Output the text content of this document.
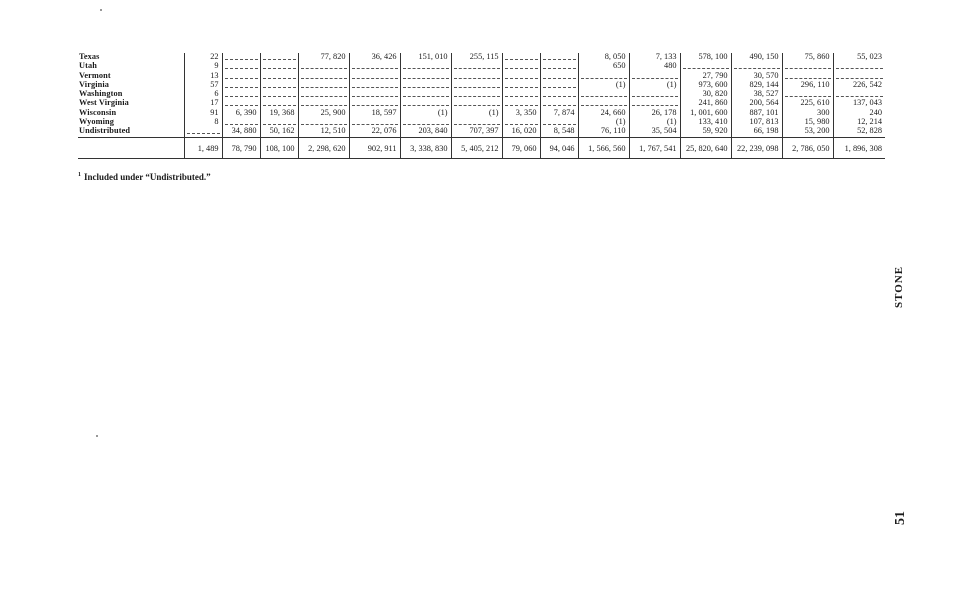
Texas	22			77, 820	36, 426	151, 010	255, 115			8, 050	7, 133	578, 100	490, 150	75, 860	55, 023
Utah	9									650	480	

Vermont	13											27, 790	30, 570	

Virginia	57									(1)	(1)	973, 600	829, 144	296, 110	226, 542
Washington	6											30, 820	38, 527	

West Virginia	17											241, 860	200, 564	225, 610	137, 043
Wisconsin	91	6, 390	19, 368	25, 900	18, 597	(1)	(1)	3, 350	7, 874	24, 660	26, 178	1, 001, 600	887, 101	300	240
Wyoming	8									(1)	(1)	133, 410	107, 813	15, 980	12, 214
Undistributed		34, 880	50, 162	12, 510	22, 076	203, 840	707, 397	16, 020	8, 548	76, 110	35, 504	59, 920	66, 198	53, 200	52, 828
	1, 489	78, 790	108, 100	2, 298, 620	902, 911	3, 338, 830	5, 405, 212	79, 060	94, 046	1, 566, 560	1, 767, 541	25, 820, 640	22, 239, 098	2, 786, 050	1, 896, 308
$^1$ Included under “Undistributed.”
STONE
51
